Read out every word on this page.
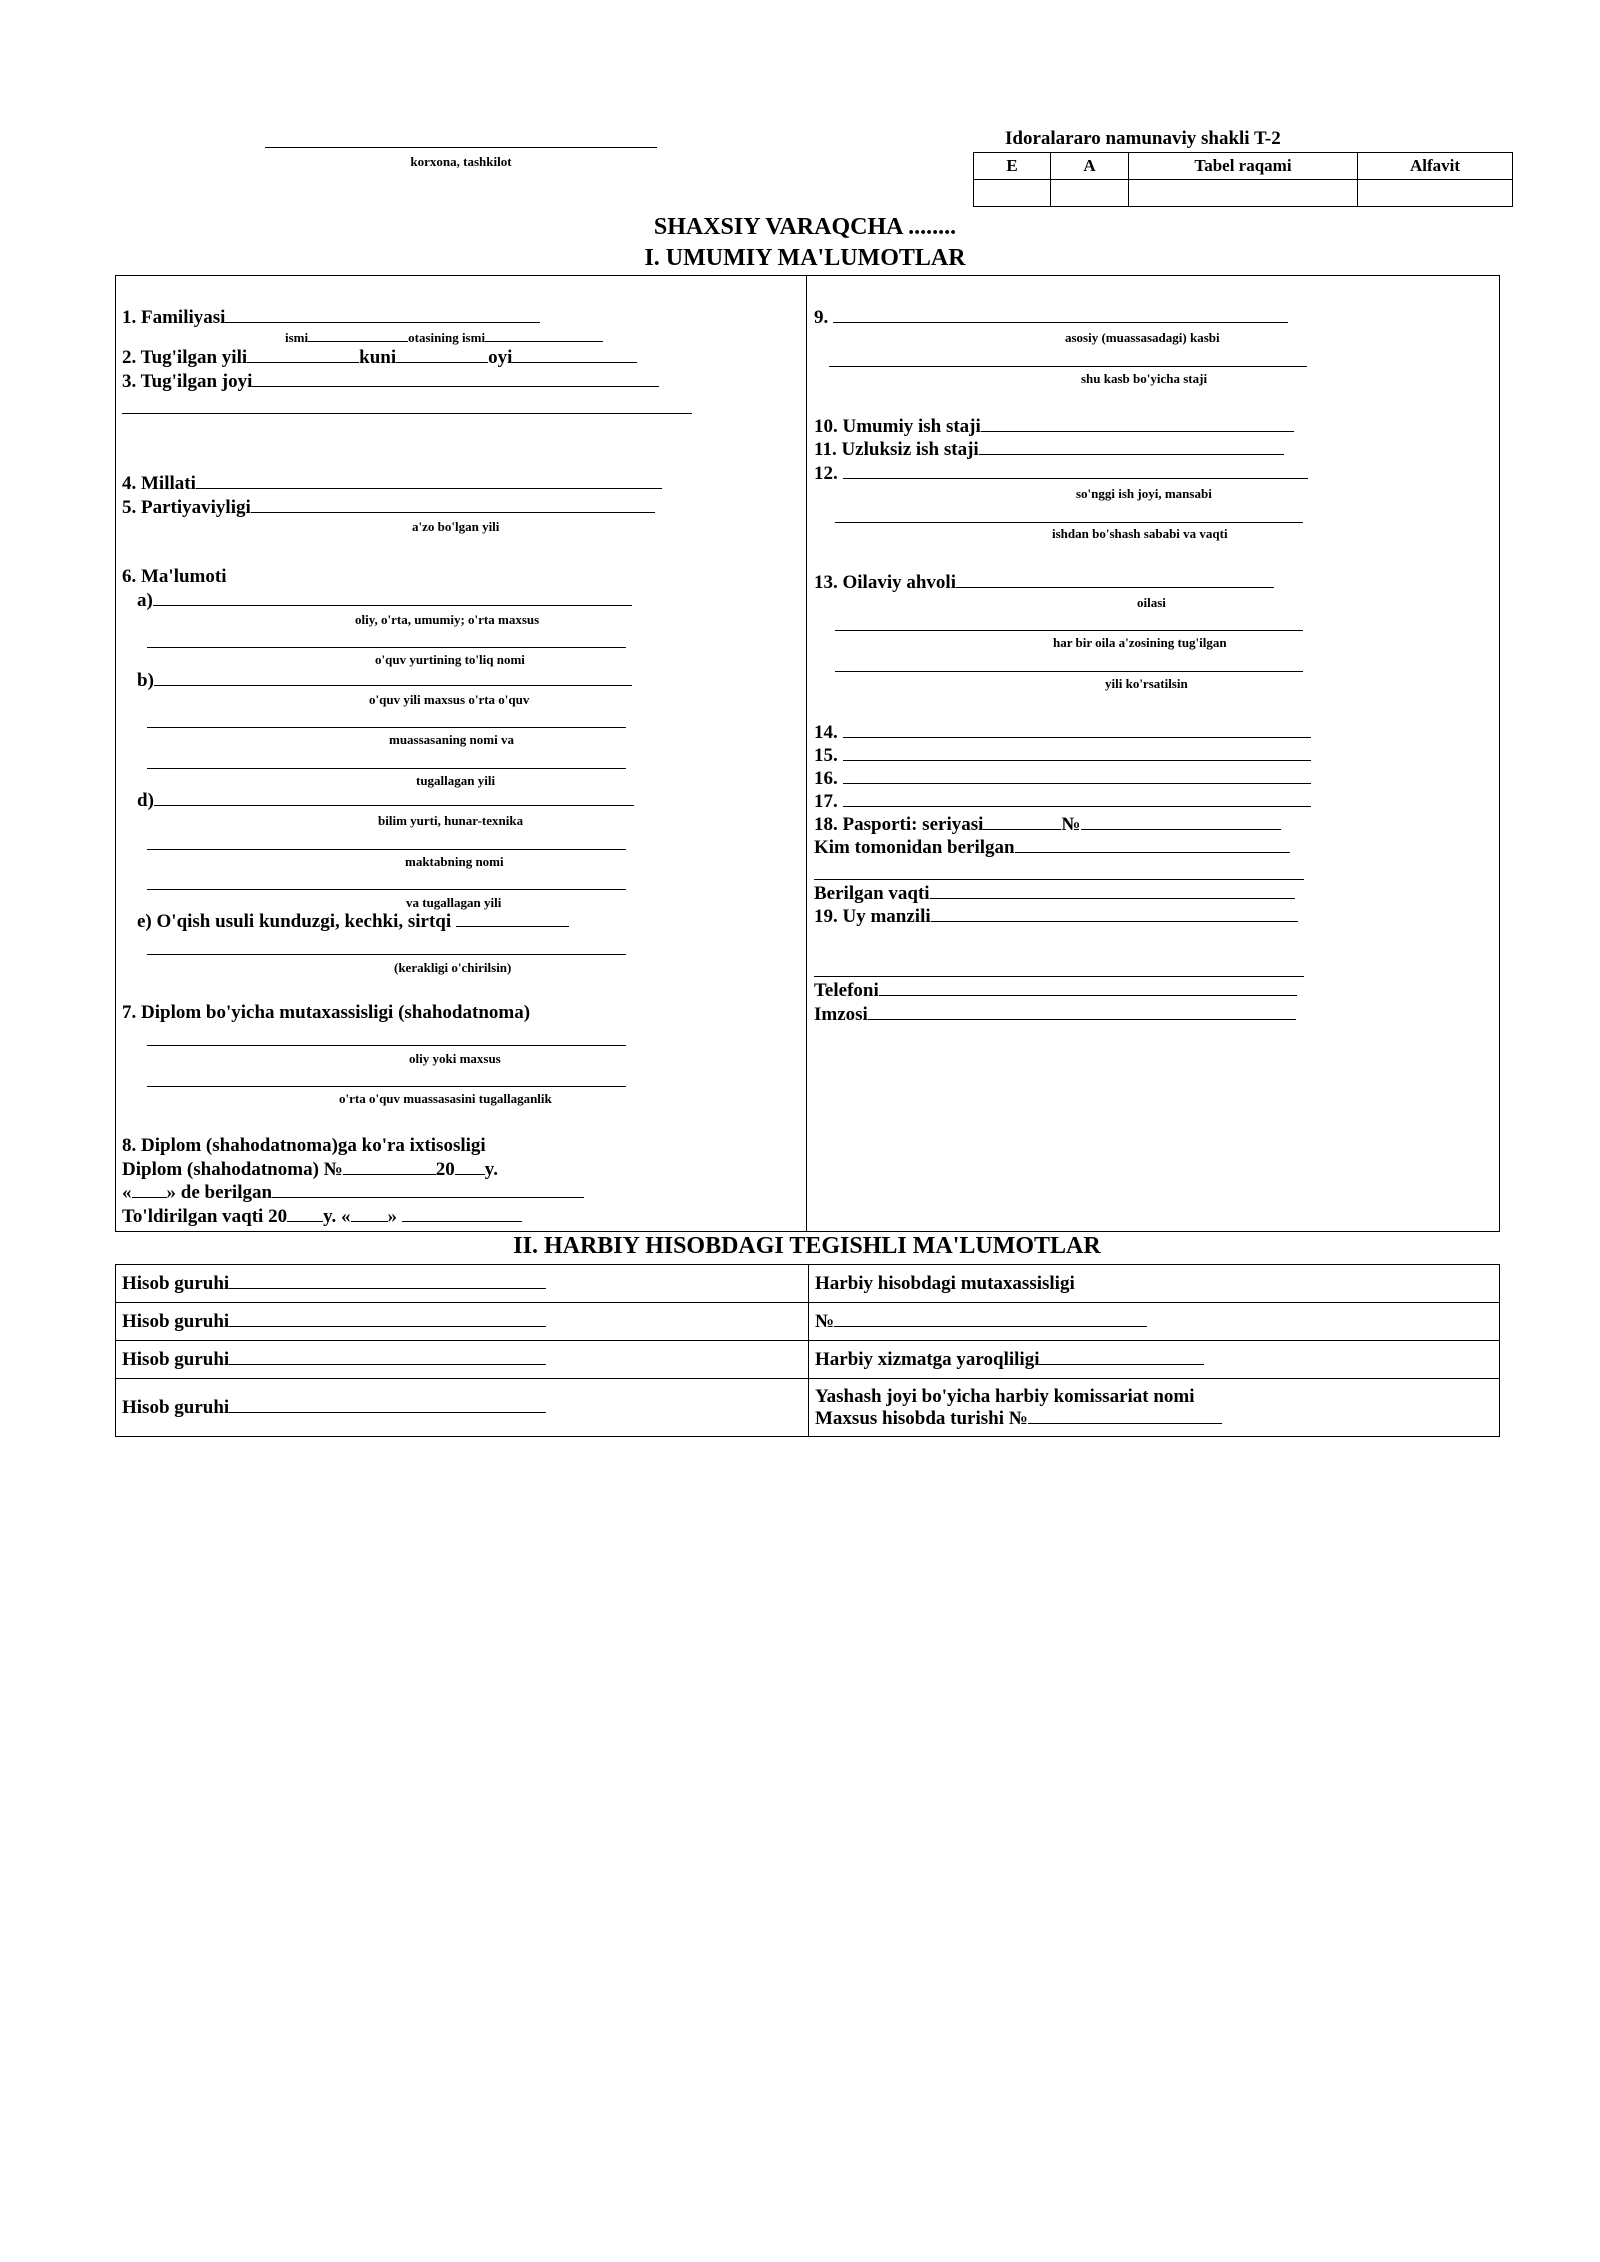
korxona, tashkilot
Idoralararo namunaviy shakli T-2
E	A	Tabel raqami	Alfavit

SHAXSIY VARAQCHA ........
I. UMUMIY MA'LUMOTLAR
1. Familiyasi
ismi	otasining ismi
2. Tug'ilgan yili	kuni	oyi
3. Tug'ilgan joyi
4. Millati
5. Partiyaviyligi
a'zo bo'lgan yili
6. Ma'lumoti
a)
oliy, o'rta, umumiy; o'rta maxsus
o'quv yurtining to'liq nomi
b)
o'quv yili maxsus o'rta o'quv
muassasaning nomi va
tugallagan yili
d)
bilim yurti, hunar-texnika
maktabning nomi
va tugallagan yili
e) O'qish usuli kunduzgi, kechki, sirtqi
(kerakligi o'chirilsin)
7. Diplom bo'yicha mutaxassisligi (shahodatnoma)
oliy yoki maxsus
o'rta o'quv muassasasini tugallaganlik
8. Diplom (shahodatnoma)ga ko'ra ixtisosligi
Diplom (shahodatnoma) №	20 y.
« » de berilgan
To'ldirilgan vaqti 20 y. « »
9.
asosiy (muassasadagi) kasbi
shu kasb bo'yicha staji
10. Umumiy ish staji
11. Uzluksiz ish staji
12.
so'nggi ish joyi, mansabi
ishdan bo'shash sababi va vaqti
13. Oilaviy ahvoli
oilasi
har bir oila a'zosining tug'ilgan
yili ko'rsatilsin
14.
15.
16.
17.
18. Pasporti: seriyasi	№
Kim tomonidan berilgan
Berilgan vaqti
19. Uy manzili
Telefoni
Imzosi
II. HARBIY HISOBDAGI TEGISHLI MA'LUMOTLAR
Hisob guruhi	Harbiy hisobdagi mutaxassisligi
Hisob guruhi	№
Hisob guruhi	Harbiy xizmatga yaroqliligi
Hisob guruhi	Yashash joyi bo'yicha harbiy komissariat nomi
Maxsus hisobda turishi №
